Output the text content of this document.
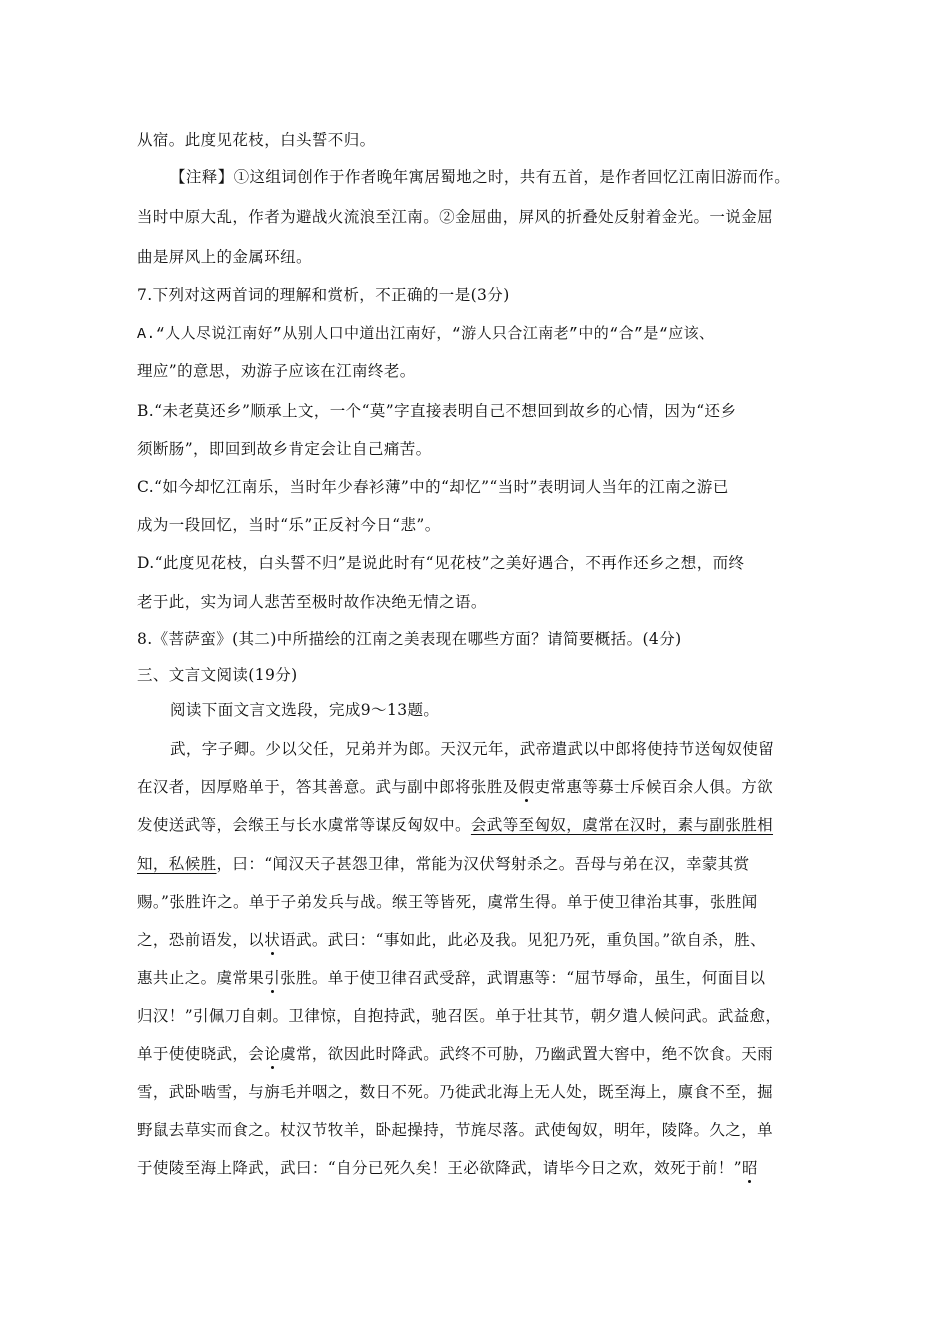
从宿。此度见花枝，白头誓不归。
【注释】①这组词创作于作者晚年寓居蜀地之时，共有五首，是作者回忆江南旧游而作。
当时中原大乱，作者为避战火流浪至江南。②金屈曲，屏风的折叠处反射着金光。一说金屈
曲是屏风上的金属环纽。
7.下列对这两首词的理解和赏析，不正确的一是(3分)
A.“人人尽说江南好”从别人口中道出江南好，“游人只合江南老”中的“合”是“应该、
理应”的意思，劝游子应该在江南终老。
B.“未老莫还乡”顺承上文，一个“莫”字直接表明自己不想回到故乡的心情，因为“还乡
须断肠”，即回到故乡肯定会让自己痛苦。
C.“如今却忆江南乐，当时年少春衫薄”中的“却忆”“当时”表明词人当年的江南之游已
成为一段回忆，当时“乐”正反衬今日“悲”。
D.“此度见花枝，白头誓不归”是说此时有“见花枝”之美好遇合，不再作还乡之想，而终
老于此，实为词人悲苦至极时故作决绝无情之语。
8.《菩萨蛮》(其二)中所描绘的江南之美表现在哪些方面？请简要概括。(4分)
三、文言文阅读(19分)
阅读下面文言文选段，完成9～13题。
武，字子卿。少以父任，兄弟并为郎。天汉元年，武帝遣武以中郎将使持节送匈奴使留
在汉者，因厚赂单于，答其善意。武与副中郎将张胜及假吏常惠等募士斥候百余人俱。方欲
发使送武等，会缑王与长水虞常等谋反匈奴中。会武等至匈奴，虞常在汉时，素与副张胜相
知，私候胜，曰：“闻汉天子甚怨卫律，常能为汉伏弩射杀之。吾母与弟在汉，幸蒙其赏
赐。”张胜许之。单于子弟发兵与战。缑王等皆死，虞常生得。单于使卫律治其事，张胜闻
之，恐前语发，以状语武。武曰：“事如此，此必及我。见犯乃死，重负国。”欲自杀，胜、
惠共止之。虞常果引张胜。单于使卫律召武受辞，武谓惠等：“屈节辱命，虽生，何面目以
归汉！”引佩刀自刺。卫律惊，自抱持武，驰召医。单于壮其节，朝夕遣人候问武。武益愈，
单于使使晓武，会论虞常，欲因此时降武。武终不可胁，乃幽武置大窖中，绝不饮食。天雨
雪，武卧啮雪，与旃毛并咽之，数日不死。乃徙武北海上无人处，既至海上，廪食不至，掘
野鼠去草实而食之。杖汉节牧羊，卧起操持，节旄尽落。武使匈奴，明年，陵降。久之，单
于使陵至海上降武，武曰：“自分已死久矣！王必欲降武，请毕今日之欢，效死于前！”昭
